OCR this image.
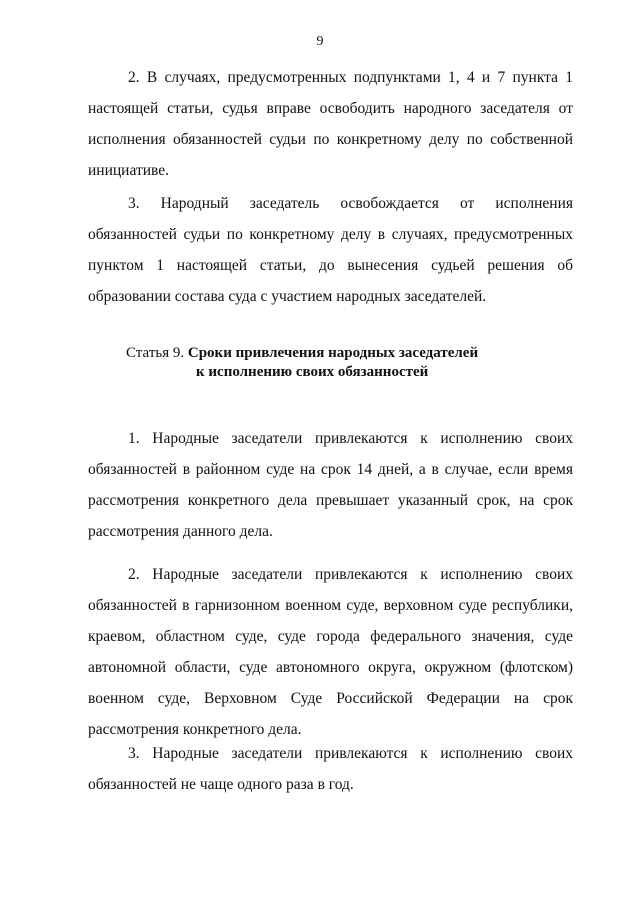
9

2. В случаях, предусмотренных подпунктами 1, 4 и 7 пункта 1 настоящей статьи, судья вправе освободить народного заседателя от исполнения обязанностей судьи по конкретному делу по собственной инициативе.

3. Народный заседатель освобождается от исполнения обязанностей судьи по конкретному делу в случаях, предусмотренных пунктом 1 настоящей статьи, до вынесения судьей решения об образовании состава суда с участием народных заседателей.

Статья 9. Сроки привлечения народных заседателей
к исполнению своих обязанностей

1. Народные заседатели привлекаются к исполнению своих обязанностей в районном суде на срок 14 дней, а в случае, если время рассмотрения конкретного дела превышает указанный срок, на срок рассмотрения данного дела.

2. Народные заседатели привлекаются к исполнению своих обязанностей в гарнизонном военном суде, верховном суде республики, краевом, областном суде, суде города федерального значения, суде автономной области, суде автономного округа, окружном (флотском) военном суде, Верховном Суде Российской Федерации на срок рассмотрения конкретного дела.

3. Народные заседатели привлекаются к исполнению своих обязанностей не чаще одного раза в год.
